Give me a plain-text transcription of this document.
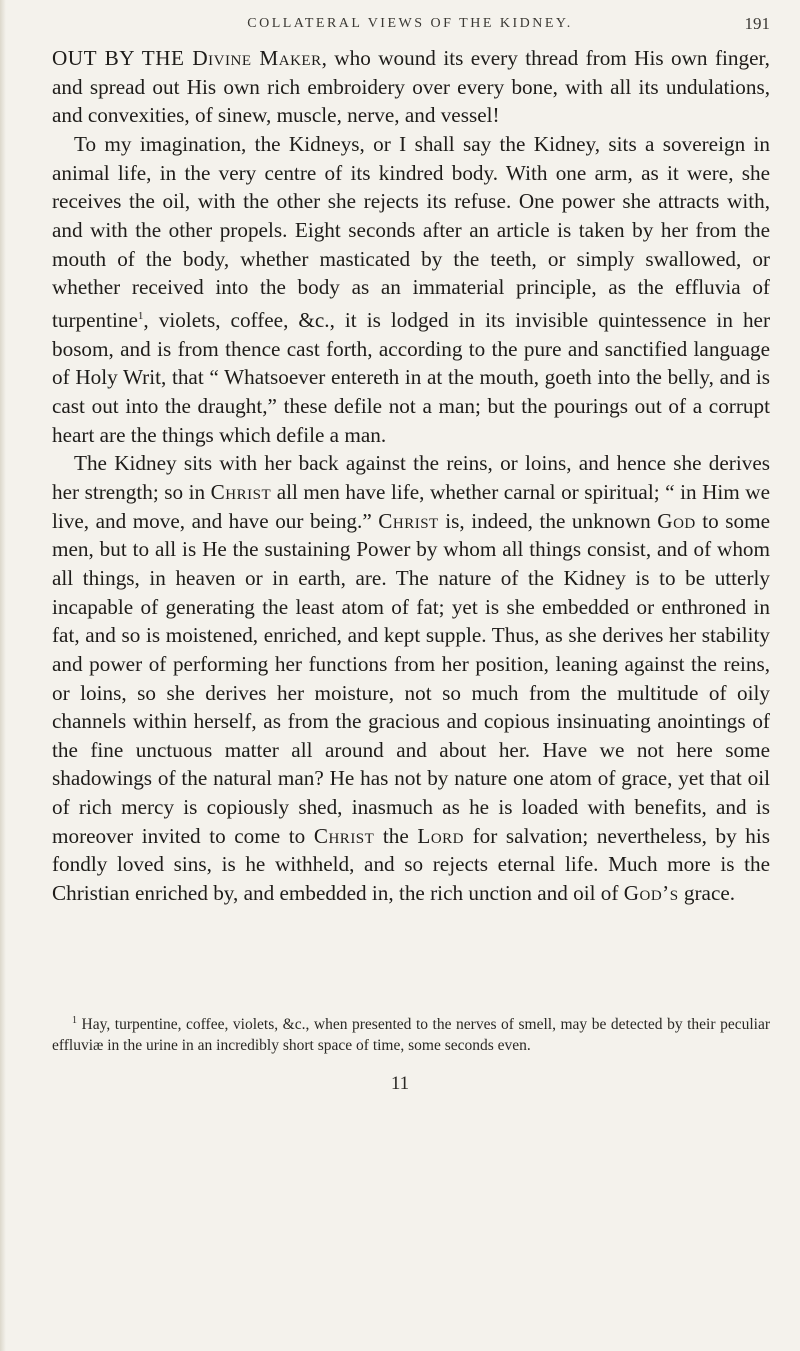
COLLATERAL VIEWS OF THE KIDNEY.	191

OUT BY THE Divine Maker, who wound its every thread from His own finger, and spread out His own rich embroidery over every bone, with all its undulations, and convexities, of sinew, muscle, nerve, and vessel!

To my imagination, the Kidneys, or I shall say the Kidney, sits a sovereign in animal life, in the very centre of its kindred body. With one arm, as it were, she receives the oil, with the other she rejects its refuse. One power she attracts with, and with the other propels. Eight seconds after an article is taken by her from the mouth of the body, whether masticated by the teeth, or simply swallowed, or whether received into the body as an immaterial principle, as the effluvia of turpentine$^1$, violets, coffee, &c., it is lodged in its invisible quintessence in her bosom, and is from thence cast forth, according to the pure and sanctified language of Holy Writ, that “ Whatsoever entereth in at the mouth, goeth into the belly, and is cast out into the draught,” these defile not a man; but the pourings out of a corrupt heart are the things which defile a man.

The Kidney sits with her back against the reins, or loins, and hence she derives her strength; so in Christ all men have life, whether carnal or spiritual; “ in Him we live, and move, and have our being.” Christ is, indeed, the unknown God to some men, but to all is He the sustaining Power by whom all things consist, and of whom all things, in heaven or in earth, are. The nature of the Kidney is to be utterly incapable of generating the least atom of fat; yet is she embedded or enthroned in fat, and so is moistened, enriched, and kept supple. Thus, as she derives her stability and power of performing her functions from her position, leaning against the reins, or loins, so she derives her moisture, not so much from the multitude of oily channels within herself, as from the gracious and copious insinuating anointings of the fine unctuous matter all around and about her. Have we not here some shadowings of the natural man? He has not by nature one atom of grace, yet that oil of rich mercy is copiously shed, inasmuch as he is loaded with benefits, and is moreover invited to come to Christ the Lord for salvation; nevertheless, by his fondly loved sins, is he withheld, and so rejects eternal life. Much more is the Christian enriched by, and embedded in, the rich unction and oil of God’s grace.

$^1$ Hay, turpentine, coffee, violets, &c., when presented to the nerves of smell, may be detected by their peculiar effluviæ in the urine in an incredibly short space of time, some seconds even.

11
